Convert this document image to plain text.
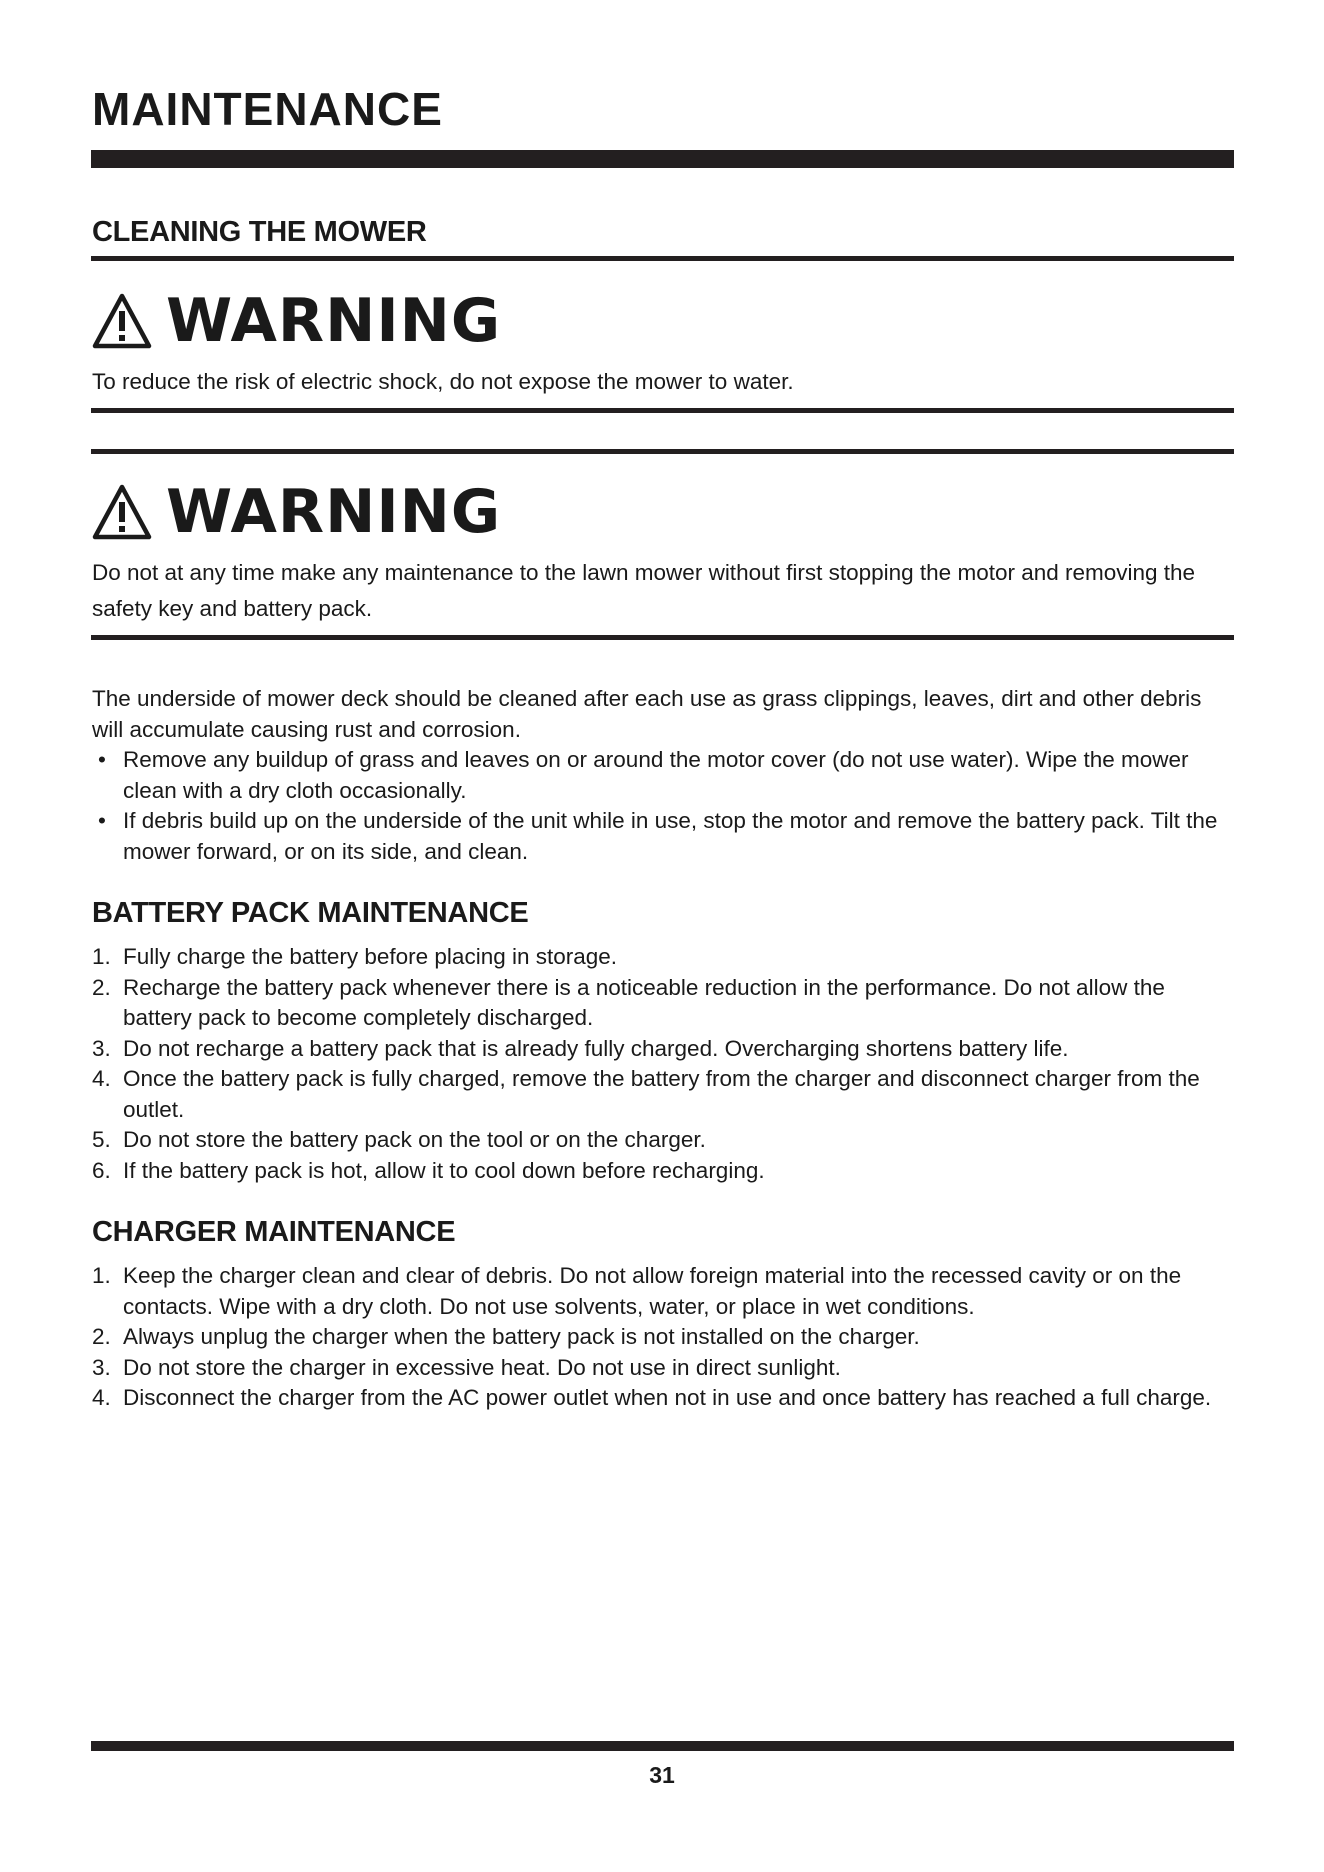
MAINTENANCE
CLEANING THE MOWER
WARNING

To reduce the risk of electric shock, do not expose the mower to water.

WARNING

Do not at any time make any maintenance to the lawn mower without first stopping the motor and removing the safety key and battery pack.

The underside of mower deck should be cleaned after each use as grass clippings, leaves, dirt and other debris will accumulate causing rust and corrosion.

• Remove any buildup of grass and leaves on or around the motor cover (do not use water). Wipe the mower clean with a dry cloth occasionally.
• If debris build up on the underside of the unit while in use, stop the motor and remove the battery pack. Tilt the mower forward, or on its side, and clean.
BATTERY PACK MAINTENANCE
1. Fully charge the battery before placing in storage.
2. Recharge the battery pack whenever there is a noticeable reduction in the performance. Do not allow the battery pack to become completely discharged.
3. Do not recharge a battery pack that is already fully charged. Overcharging shortens battery life.
4. Once the battery pack is fully charged, remove the battery from the charger and disconnect charger from the outlet.
5. Do not store the battery pack on the tool or on the charger.
6. If the battery pack is hot, allow it to cool down before recharging.
CHARGER MAINTENANCE
1. Keep the charger clean and clear of debris. Do not allow foreign material into the recessed cavity or on the contacts. Wipe with a dry cloth. Do not use solvents, water, or place in wet conditions.
2. Always unplug the charger when the battery pack is not installed on the charger.
3. Do not store the charger in excessive heat. Do not use in direct sunlight.
4. Disconnect the charger from the AC power outlet when not in use and once battery has reached a full charge.

31
